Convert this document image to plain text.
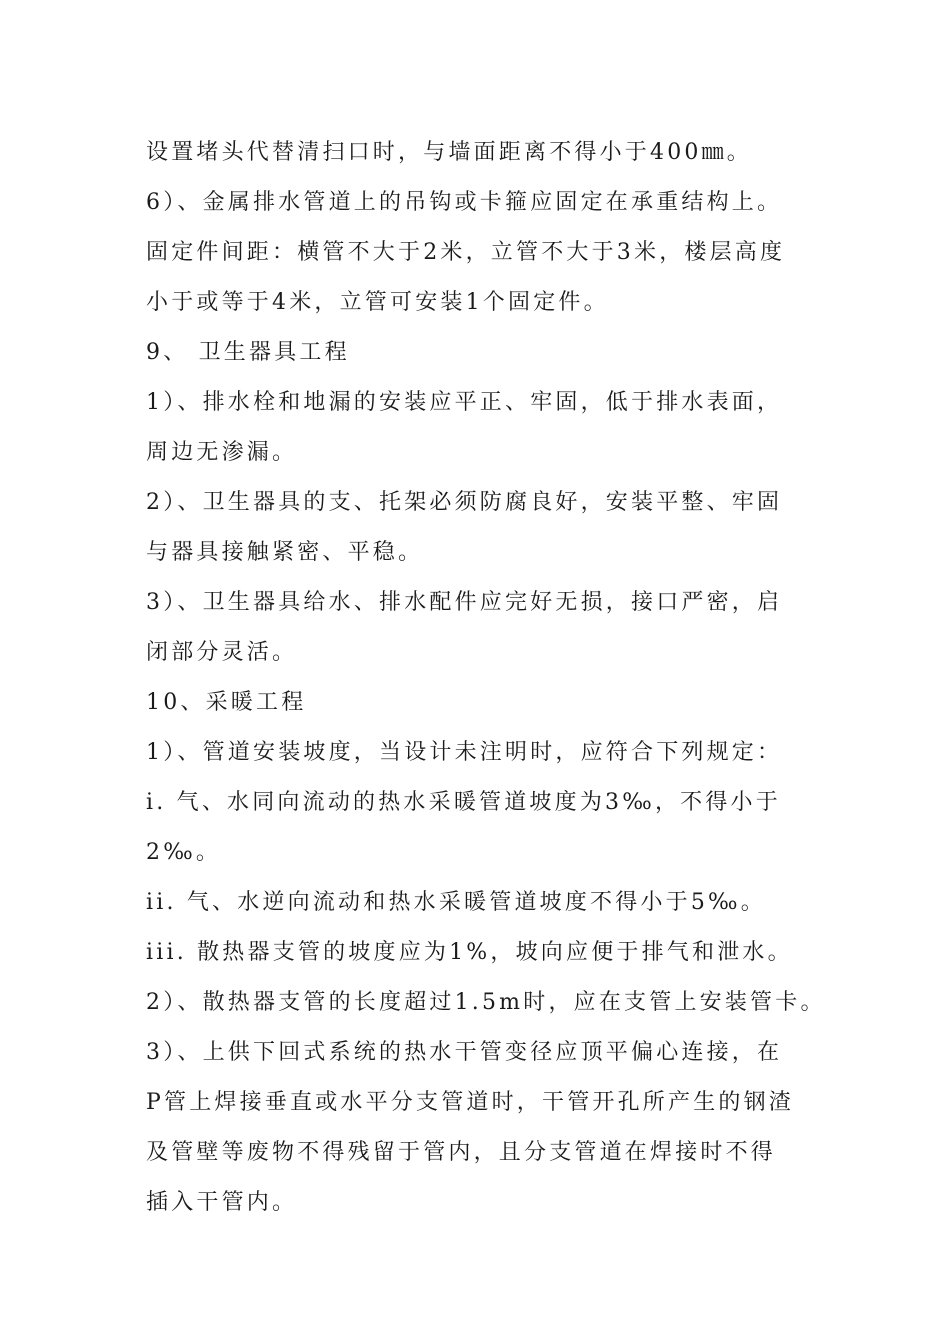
设置堵头代替清扫口时，与墙面距离不得小于400㎜。
6）、金属排水管道上的吊钩或卡箍应固定在承重结构上。
固定件间距：横管不大于2米，立管不大于3米，楼层高度
小于或等于4米，立管可安装1个固定件。
9、 卫生器具工程
1）、排水栓和地漏的安装应平正、牢固，低于排水表面，
周边无渗漏。
2）、卫生器具的支、托架必须防腐良好，安装平整、牢固
与器具接触紧密、平稳。
3）、卫生器具给水、排水配件应完好无损，接口严密，启
闭部分灵活。
10、采暖工程
1）、管道安装坡度，当设计未注明时，应符合下列规定：
i. 气、水同向流动的热水采暖管道坡度为3‰，不得小于
2‰。
ii. 气、水逆向流动和热水采暖管道坡度不得小于5‰。
iii. 散热器支管的坡度应为1%，坡向应便于排气和泄水。
2）、散热器支管的长度超过1.5m时，应在支管上安装管卡。
3）、上供下回式系统的热水干管变径应顶平偏心连接，在
P管上焊接垂直或水平分支管道时，干管开孔所产生的钢渣
及管壁等废物不得残留于管内，且分支管道在焊接时不得
插入干管内。
